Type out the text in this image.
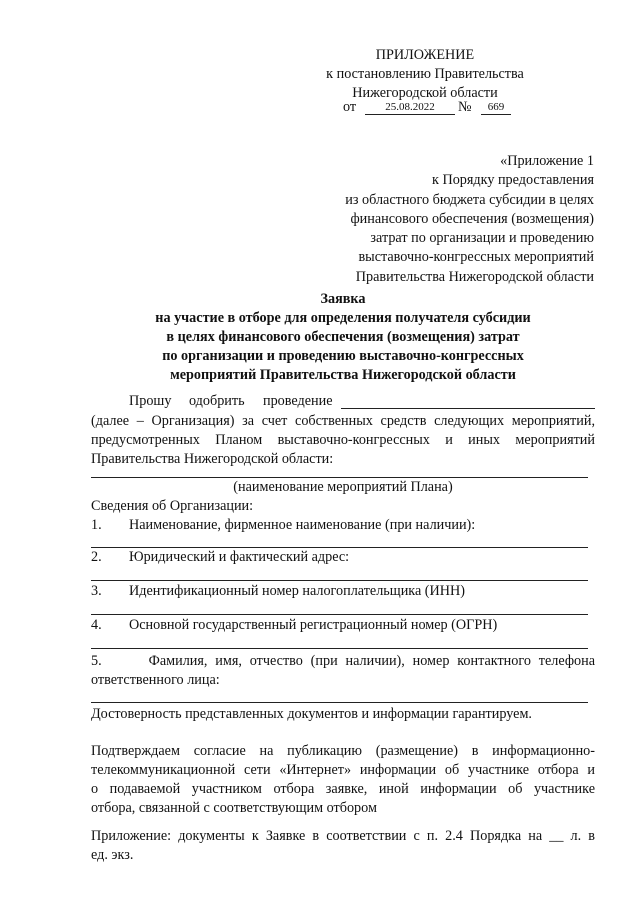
ПРИЛОЖЕНИЕ
к постановлению Правительства
Нижегородской области
от	25.08.2022	№	669
«Приложение 1
к Порядку предоставления
из областного бюджета субсидии в целях
финансового обеспечения (возмещения)
затрат по организации и проведению
выставочно-конгрессных мероприятий
Правительства Нижегородской области
Заявка
на участие в отборе для определения получателя субсидии
в целях финансового обеспечения (возмещения) затрат
по организации и проведению выставочно-конгрессных
мероприятий Правительства Нижегородской области
Прошу одобрить проведение
(далее – Организация) за счет собственных средств следующих мероприятий,
предусмотренных Планом выставочно-конгрессных и иных мероприятий
Правительства Нижегородской области:
(наименование мероприятий Плана)
Сведения об Организации:
1. Наименование, фирменное наименование (при наличии):
2. Юридический и фактический адрес:
3. Идентификационный номер налогоплательщика (ИНН)
4. Основной государственный регистрационный номер (ОГРН)
5.      Фамилия, имя, отчество (при наличии), номер контактного телефона
ответственного лица:
Достоверность представленных документов и информации гарантируем.
Подтверждаем согласие на публикацию (размещение) в информационно-
телекоммуникационной сети «Интернет» информации об участнике отбора и
о подаваемой участником отбора заявке, иной информации об участнике
отбора, связанной с соответствующим отбором
Приложение: документы к Заявке в соответствии с п. 2.4 Порядка на __ л. в
ед. экз.
